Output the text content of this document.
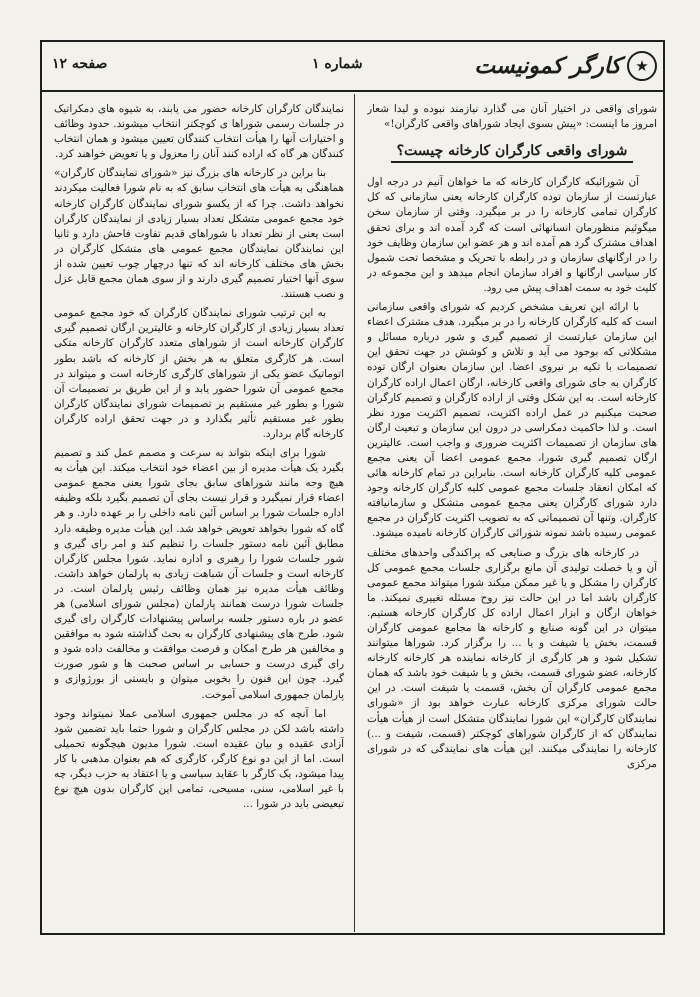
★
کارگر کمونیست
شماره ۱
صفحه ۱۲

شورای واقعی در اختیار آنان می گذارد نیازمند نبوده و لیدا شعار امروز ما اینست: «پیش بسوی ایجاد شوراهای واقعی کارگران!»

شورای واقعی کارگران کارخانه چیست؟

آن شورائیکه کارگران کارخانه که ما خواهان آنیم در درجه اول عبارتست از سازمان توده کارگران کارخانه یعنی سازمانی که کل کارگران تمامی کارخانه را در بر میگیرد. وقتی از سازمان سخن میگوئیم منظورمان انسانهائی است که گرد آمده اند و برای تحقق اهداف مشترک گرد هم آمده اند و هر عضو این سازمان وظایف خود را در ارگانهای سازمان و در رابطه با تحریک و مشخصا تحت شمول کار سیاسی ارگانها و افراد سازمان انجام میدهد و این مجموعه در کلیت خود به سمت اهداف پیش می رود.

با ارائه این تعریف مشخص کردیم که شورای واقعی سازمانی است که کلیه کارگران کارخانه را در بر میگیرد. هدف مشترک اعضاء این سازمان عبارتست از تصمیم گیری و شور درباره مسائل و مشکلاتی که بوجود می آید و تلاش و کوشش در جهت تحقق این تصمیمات با تکیه بر نیروی اعضا. این سازمان بعنوان ارگان توده کارگران به جای شورای واقعی کارخانه، ارگان اعمال اراده کارگران کارخانه است. به این شکل وقتی از اراده کارگران و تصمیم کارگران صحبت میکنیم در عمل اراده اکثریت، تصمیم اکثریت مورد نظر است. و لذا حاکمیت دمکراسی در درون این سازمان و تبعیت ارگان های سازمان از تصمیمات اکثریت ضروری و واجب است. عالیترین ارگان تصمیم گیری شورا، مجمع عمومی اعضا آن یعنی مجمع عمومی کلیه کارگران کارخانه است. بنابراین در تمام کارخانه هائی که امکان انعقاد جلسات مجمع عمومی کلیه کارگران کارخانه وجود دارد شورای کارگران یعنی مجمع عمومی متشکل و سازمانیافته کارگران. وتنها آن تصمیماتی که به تصویب اکثریت کارگران در مجمع عمومی رسیده باشد نمونه شورائی کارگران کارخانه نامیده میشود.

در کارخانه های بزرگ و صنایعی که پراکندگی واحدهای مختلف آن و یا خصلت تولیدی آن مانع برگزاری جلسات مجمع عمومی کل کارگران را مشکل و یا غیر ممکن میکند شورا میتواند مجمع عمومی کارگران باشد اما در این حالت نیز روح مسئله تغییری نمیکند. ما خواهان ارگان و ابزار اعمال اراده کل کارگران کارخانه هستیم. میتوان در این گونه صنایع و کارخانه ها مجامع عمومی کارگران قسمت، بخش یا شیفت و یا ... را برگزار کرد. شوراها میتوانند تشکیل شود و هر کارگری از کارخانه نماینده هر کارخانه کارخانه کارخانه، عضو شورای قسمت، بخش و یا شیفت خود باشد که همان مجمع عمومی کارگران آن بخش، قسمت یا شیفت است. در این حالت شورای مرکزی کارخانه عبارت خواهد بود از «شورای نمایندگان کارگران» این شورا نمایندگان متشکل است از هیأت هیأت نمایندگان که از کارگران شوراهای کوچکتر (قسمت، شیفت و ...) کارخانه را نمایندگی میکنند. این هیأت های نمایندگی که در شورای مرکزی

نمایندگان کارگران کارخانه حضور می یابند، به شیوه های دمکراتیک در جلسات رسمی شوراها ی کوچکتر انتخاب میشوند. حدود وظائف و اختیارات آنها را هیأت انتخاب کنندگان تعیین میشود و همان انتخاب کنندگان هر گاه که اراده کنند آنان را معزول و یا تعویض خواهند کرد.

بنا براین در کارخانه های بزرگ نیز «شورای نمایندگان کارگران» هماهنگی به هیأت های انتخاب سابق که به نام شورا فعالیت میکردند نخواهد داشت. چرا که از یکسو شورای نمایندگان کارگران کارخانه خود مجمع عمومی متشکل تعداد بسیار زیادی از نمایندگان کارگران است یعنی از نظر تعداد با شوراهای قدیم تفاوت فاحش دارد و ثانیا این نمایندگان نمایندگان مجمع عمومی های متشکل کارگران در بخش های مختلف کارخانه اند که تنها درچهار چوب تعیین شده از سوی آنها اختیار تصمیم گیری دارند و از سوی همان مجمع قابل عزل و نصب هستند.

به این ترتیب شورای نمایندگان کارگران که خود مجمع عمومی تعداد بسیار زیادی از کارگران کارخانه و عالیترین ارگان تصمیم گیری کارگران کارخانه است از شوراهای متعدد کارگران کارخانه متکی است. هر کارگری متعلق به هر بخش از کارخانه که باشد بطور اتوماتیک عضو یکی از شوراهای کارگری کارخانه است و میتواند در مجمع عمومی آن شورا حضور یابد و از این طریق بر تصمیمات آن شورا و بطور غیر مستقیم بر تصمیمات شورای نمایندگان کارگران بطور غیر مستقیم تأثیر بگذارد و در جهت تحقق اراده کارگران کارخانه گام بردارد.

شورا برای اینکه بتواند به سرعت و مصمم عمل کند و تصمیم بگیرد یک هیأت مدیره از بین اعضاء خود انتخاب میکند. این هیأت به هیچ وجه مانند شوراهای سابق بجای شورا یعنی مجمع عمومی اعضاء قرار نمیگیرد و قرار نیست بجای آن تصمیم بگیرد بلکه وظیفه اداره جلسات شورا بر اساس آئین نامه داخلی را بر عهده دارد. و هر گاه که شورا بخواهد تعویض خواهد شد. این هیأت مدیره وظیفه دارد مطابق آئین نامه دستور جلسات را تنظیم کند و امر رای گیری و شور جلسات شورا را رهبری و اداره نماید. شورا مجلس کارگران کارخانه است و جلسات آن شباهت زیادی به پارلمان خواهد داشت. وظائف هیأت مدیره نیز همان وظائف رئیس پارلمان است. در جلسات شورا درست همانند پارلمان (مجلس شورای اسلامی) هر عضو در باره دستور جلسه براساس پیشنهادات کارگران رای گیری شود. طرح های پیشنهادی کارگران به بحث گذاشته شود به موافقین و مخالفین هر طرح امکان و فرصت موافقت و مخالفت داده شود و رای گیری درست و حسابی بر اساس صحبت ها و شور صورت گیرد. چون این فنون را بخوبی میتوان و بایستی از بورژوازی و پارلمان جمهوری اسلامی آموخت.

اما آنچه که در مجلس جمهوری اسلامی عملا نمیتواند وجود داشته باشد لکن در مجلس کارگران و شورا حتما باید تضمین شود آزادی عقیده و بیان عقیده است. شورا مدیون هیچگونه تحمیلی است. اما از این دو نوع کارگر، کارگری که هم بعنوان مذهبی با کار پیدا میشود، یک کارگر با عقاید سیاسی و یا اعتقاد به حزب دیگر، چه با غیر اسلامی، سنی، مسیحی، تمامی این کارگران بدون هیچ نوع تبعیضی باید در شورا ...
